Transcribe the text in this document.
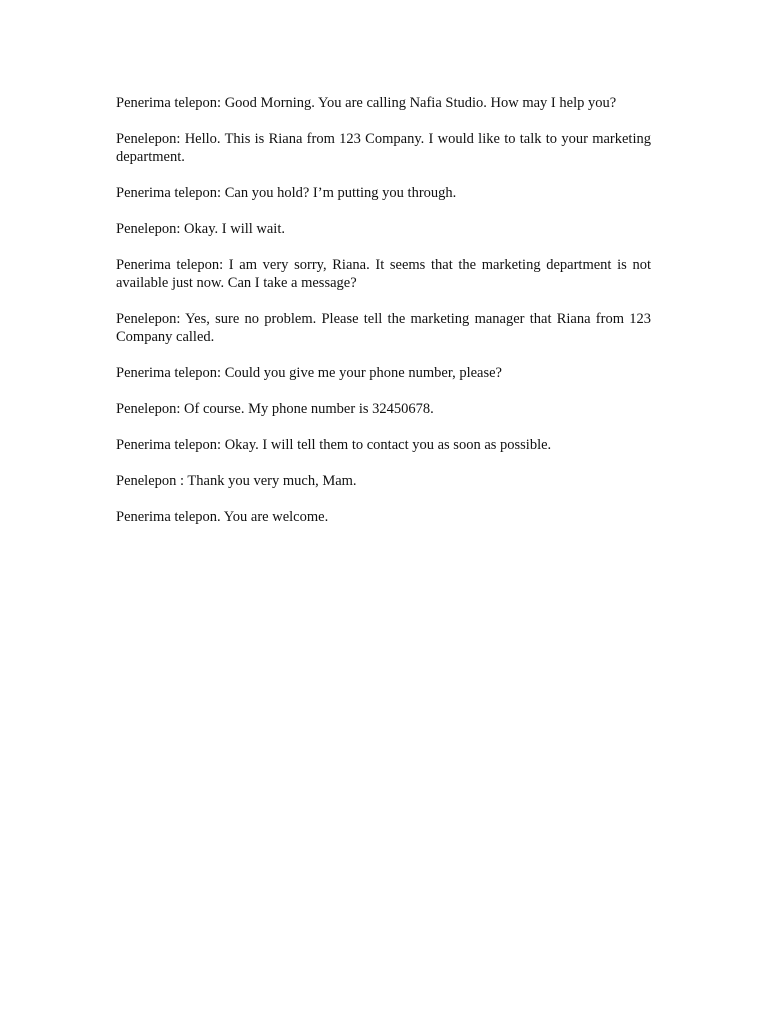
Penerima telepon: Good Morning. You are calling Nafia Studio. How may I help you?

Penelepon: Hello. This is Riana from 123 Company. I would like to talk to your marketing department.

Penerima telepon: Can you hold? I’m putting you through.

Penelepon: Okay. I will wait.

Penerima telepon: I am very sorry, Riana. It seems that the marketing department is not available just now. Can I take a message?

Penelepon: Yes, sure no problem. Please tell the marketing manager that Riana from 123 Company called.

Penerima telepon: Could you give me your phone number, please?

Penelepon: Of course. My phone number is 32450678.

Penerima telepon: Okay. I will tell them to contact you as soon as possible.

Penelepon : Thank you very much, Mam.

Penerima telepon. You are welcome.
